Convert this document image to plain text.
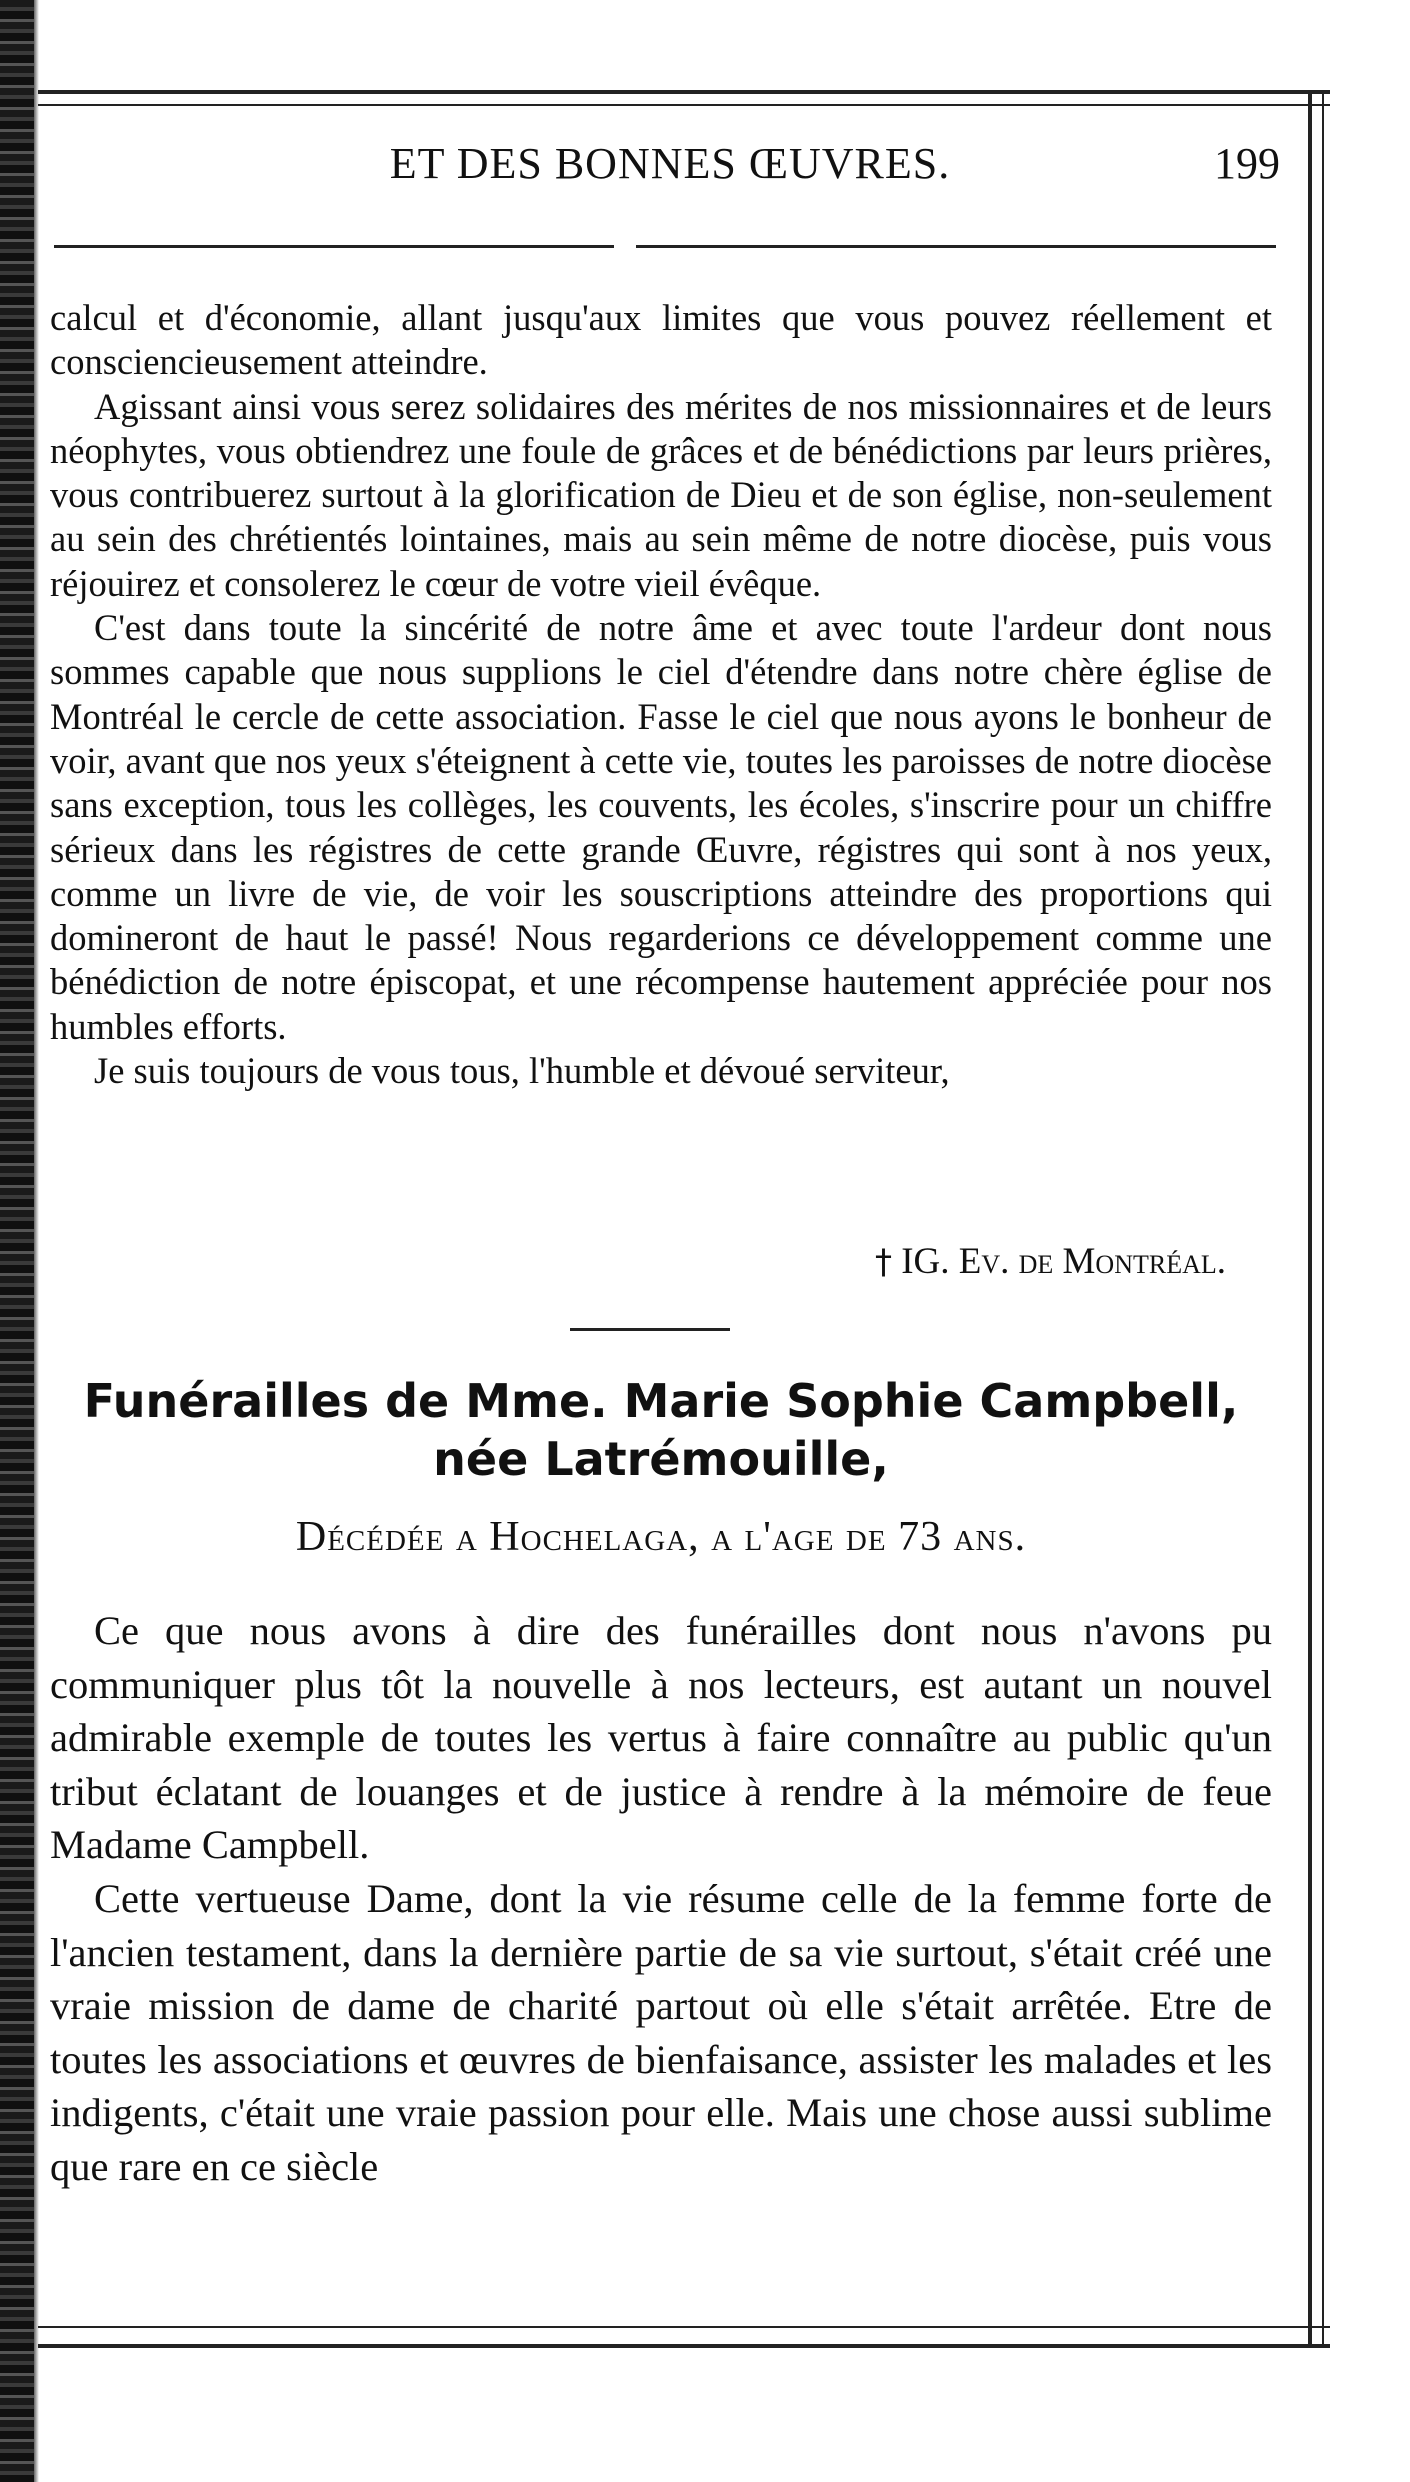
ET DES BONNES ŒUVRES.	199

calcul et d'économie, allant jusqu'aux limites que vous pouvez réellement et consciencieusement atteindre.

Agissant ainsi vous serez solidaires des mérites de nos missionnaires et de leurs néophytes, vous obtiendrez une foule de grâces et de bénédictions par leurs prières, vous contribuerez surtout à la glorification de Dieu et de son église, non-seulement au sein des chrétientés lointaines, mais au sein même de notre diocèse, puis vous réjouirez et consolerez le cœur de votre vieil évêque.

C'est dans toute la sincérité de notre âme et avec toute l'ardeur dont nous sommes capable que nous supplions le ciel d'étendre dans notre chère église de Montréal le cercle de cette association. Fasse le ciel que nous ayons le bonheur de voir, avant que nos yeux s'éteignent à cette vie, toutes les paroisses de notre diocèse sans exception, tous les collèges, les couvents, les écoles, s'inscrire pour un chiffre sérieux dans les régistres de cette grande Œuvre, régistres qui sont à nos yeux, comme un livre de vie, de voir les souscriptions atteindre des proportions qui domineront de haut le passé! Nous regarderions ce développement comme une bénédiction de notre épiscopat, et une récompense hautement appréciée pour nos humbles efforts.

Je suis toujours de vous tous, l'humble et dévoué serviteur,

† IG. Ev. de Montréal.
Funérailles de Mme. Marie Sophie Campbell,
née Latrémouille,
Décédée a Hochelaga, a l'age de 73 ans.

Ce que nous avons à dire des funérailles dont nous n'avons pu communiquer plus tôt la nouvelle à nos lecteurs, est autant un nouvel admirable exemple de toutes les vertus à faire connaître au public qu'un tribut éclatant de louanges et de justice à rendre à la mémoire de feue Madame Campbell.

Cette vertueuse Dame, dont la vie résume celle de la femme forte de l'ancien testament, dans la dernière partie de sa vie surtout, s'était créé une vraie mission de dame de charité partout où elle s'était arrêtée. Etre de toutes les associations et œuvres de bienfaisance, assister les malades et les indigents, c'était une vraie passion pour elle. Mais une chose aussi sublime que rare en ce siècle
